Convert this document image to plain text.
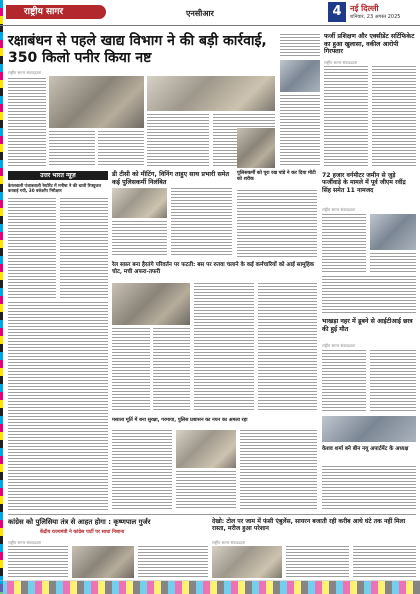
राष्ट्रीय सागर	एनसीआर	4	नई दिल्ली
शनिवार, 23 अगस्त 2025
रक्षाबंधन से पहले खाद्य विभाग ने की बड़ी कार्रवाई, 350 किलो पनीर किया नष्ट
राष्ट्रीय सागर संवाददाता
फर्जी प्रशिक्षण और एक्सीडेंट सर्टिफिकेट का हुआ खुलासा, वकील आरोपी गिरफ्तार
राष्ट्रीय सागर संवाददाता
उत्तर भारत न्यूज़
केरलवाली पंजाबवाली रेस्टोरेंट में मनीषा ने की थाली रिफ्यूजल करवाई गयी, 30 वर्कशॉप निरीक्षण
डी टीसी को मीटिंग, विनिंग ताहुए साथ प्रभारी समेत कई पुलिसकर्मी निलंबित
पुलिसकर्मी को पूरा रख पांडे ने कर दिया मीटी को शरीक
72 हजार वर्गमीटर जमीन से जुड़े फर्जीवाड़े के मामले में पूर्व जीएम रवींद्र सिंह समेत 11 नामजद
राष्ट्रीय सागर संवाददाता
रेल सफ़र बना हैरतंगे परिवर्तन पर फटती: बस पर रुतवा चलाने के कई कर्मचारियों को आई सामूहिक चोट, मची अफरा-तफरी
भाखड़ा नहर में डूबने से आईटीआई छात्र की हुई मौत
राष्ट्रीय सागर संवाददाता
मसाला मूर्ति में बना सुरक्षा, गरमाया, पुलिस प्रशासन का नयन का अमला रहा
केशव शर्मा बने बीन नयू अपार्टमेंट के अध्यक्ष
कांग्रेस को पुलिसिया तंत्र से आहत होगा : कृष्णपाल गुर्जर
केंद्रीय राज्यमंत्री ने कांग्रेस पार्टी पर साधा निशाना
राष्ट्रीय सागर संवाददाता
देखो: टोल पर जाम में फंसी एंबुलेंस, सायरन बजाती रही करीब आधे घंटे तक नहीं मिला रास्ता, मरीज हुआ परेशान
राष्ट्रीय सागर संवाददाता
